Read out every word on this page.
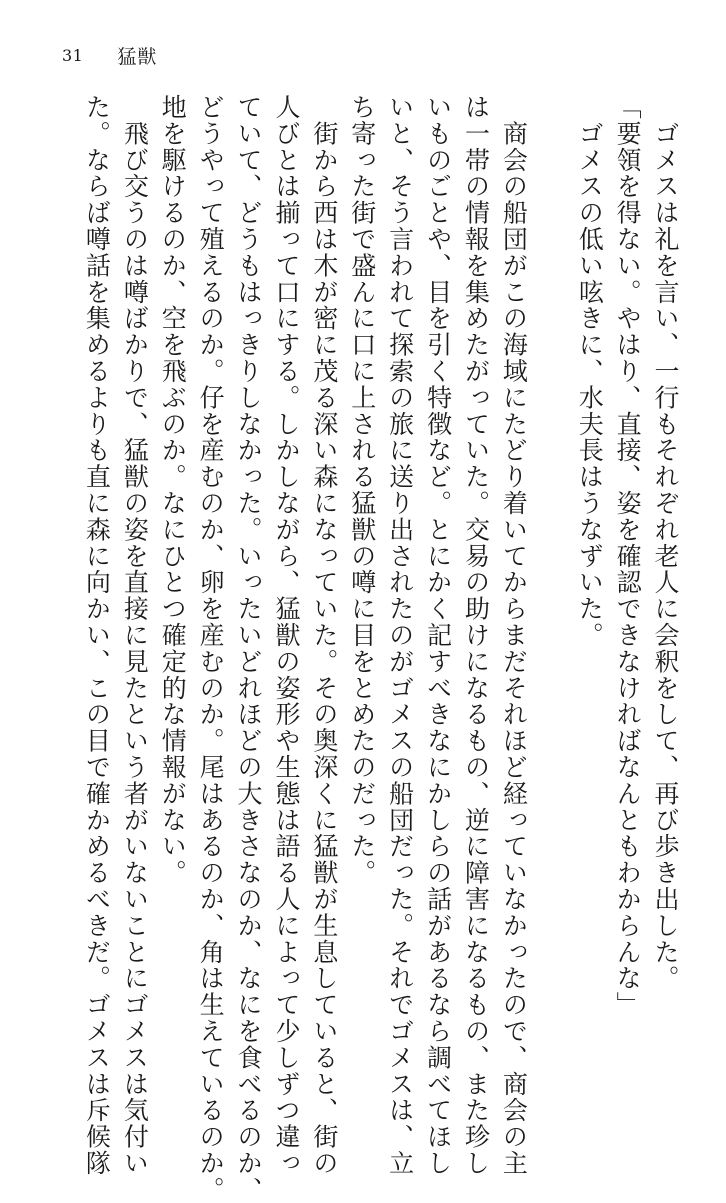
31 猛獣
　ゴメスは礼を言い、一行もそれぞれ老人に会釈をして、再び歩き出した。
「要領を得ない。やはり、直接、姿を確認できなければなんともわからんな」
　ゴメスの低い呟きに、水夫長はうなずいた。

　商会の船団がこの海域にたどり着いてからまだそれほど経っていなかったので、商会の主
は一帯の情報を集めたがっていた。交易の助けになるもの、逆に障害になるもの、また珍し
いものごとや、目を引く特徴など。とにかく記すべきなにかしらの話があるなら調べてほし
いと、そう言われて探索の旅に送り出されたのがゴメスの船団だった。それでゴメスは、立
ち寄った街で盛んに口に上される猛獣の噂に目をとめたのだった。
　街から西は木が密に茂る深い森になっていた。その奥深くに猛獣が生息していると、街の
人びとは揃って口にする。しかしながら、猛獣の姿形や生態は語る人によって少しずつ違っ
ていて、どうもはっきりしなかった。いったいどれほどの大きさなのか、なにを食べるのか、
どうやって殖えるのか。仔を産むのか、卵を産むのか。尾はあるのか、角は生えているのか。
地を駆けるのか、空を飛ぶのか。なにひとつ確定的な情報がない。
　飛び交うのは噂ばかりで、猛獣の姿を直接に見たという者がいないことにゴメスは気付い
た。ならば噂話を集めるよりも直に森に向かい、この目で確かめるべきだ。ゴメスは斥候隊
